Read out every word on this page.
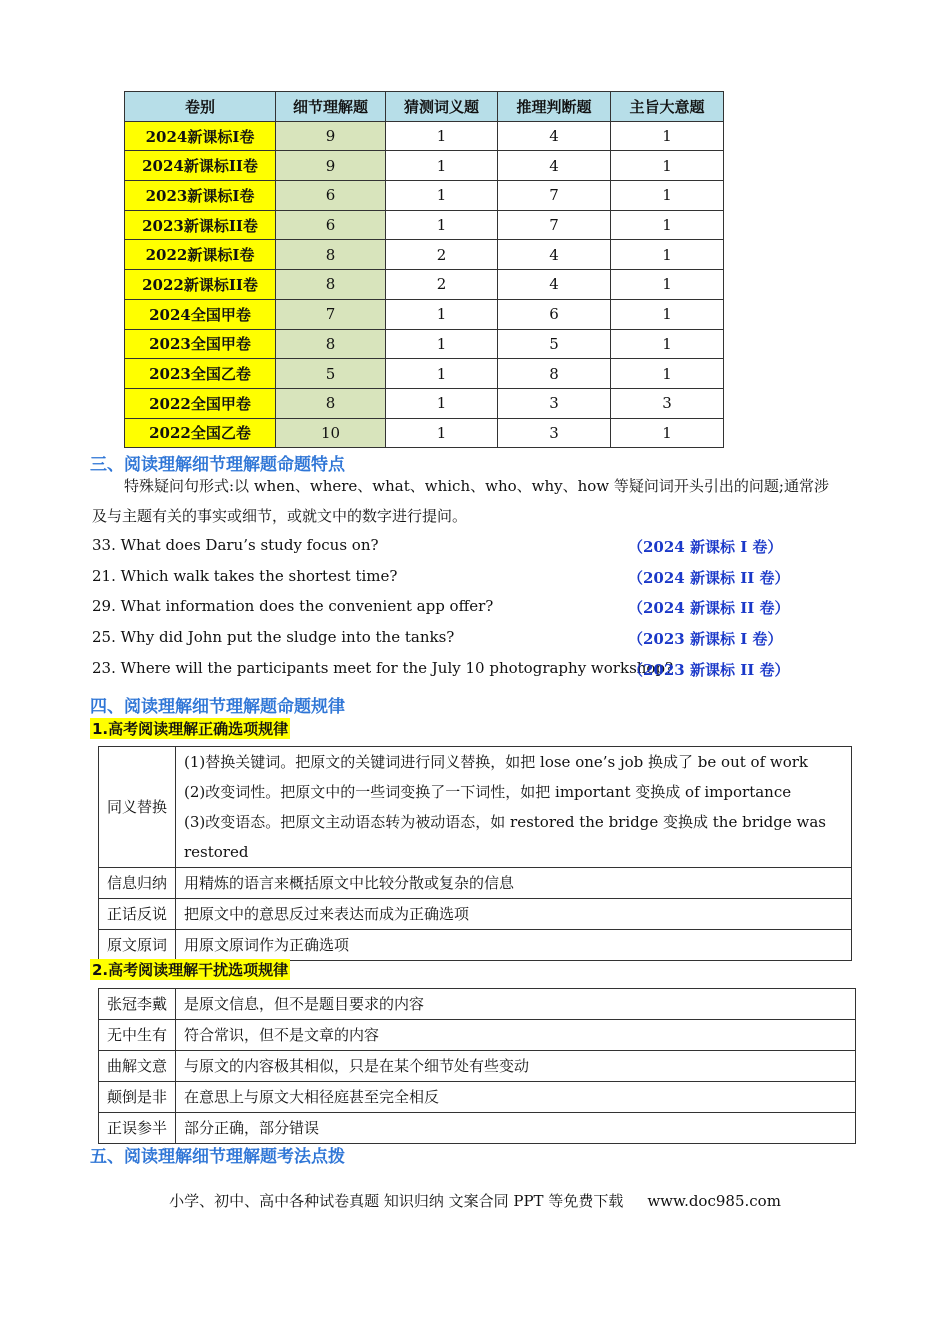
卷别	细节理解题	猜测词义题	推理判断题	主旨大意题
2024新课标I卷	9	1	4	1
2024新课标II卷	9	1	4	1
2023新课标I卷	6	1	7	1
2023新课标II卷	6	1	7	1
2022新课标I卷	8	2	4	1
2022新课标II卷	8	2	4	1
2024全国甲卷	7	1	6	1
2023全国甲卷	8	1	5	1
2023全国乙卷	5	1	8	1
2022全国甲卷	8	1	3	3
2022全国乙卷	10	1	3	1
三、阅读理解细节理解题命题特点
特殊疑问句形式:以 when、where、what、which、who、why、how 等疑问词开头引出的问题;通常涉
及与主题有关的事实或细节，或就文中的数字进行提问。
33. What does Daru’s study focus on?	（2024 新课标 I 卷）
21. Which walk takes the shortest time?	（2024 新课标 II 卷）
29. What information does the convenient app offer?	（2024 新课标 II 卷）
25. Why did John put the sludge into the tanks?	（2023 新课标 I 卷）
23. Where will the participants meet for the July 10 photography workshop?
（2023 新课标 II 卷）
四、阅读理解细节理解题命题规律
1.高考阅读理解正确选项规律
同义替换	(1)替换关键词。把原文的关键词进行同义替换，如把 lose one’s job 换成了 be out of work
(2)改变词性。把原文中的一些词变换了一下词性，如把 important 变换成 of importance
(3)改变语态。把原文主动语态转为被动语态，如 restored the bridge 变换成 the bridge was
restored

信息归纳	用精炼的语言来概括原文中比较分散或复杂的信息
正话反说	把原文中的意思反过来表达而成为正确选项
原文原词	用原文原词作为正确选项
2.高考阅读理解干扰选项规律
张冠李戴	是原文信息，但不是题目要求的内容
无中生有	符合常识，但不是文章的内容
曲解文意	与原文的内容极其相似，只是在某个细节处有些变动
颠倒是非	在意思上与原文大相径庭甚至完全相反
正误参半	部分正确，部分错误
五、阅读理解细节理解题考法点拨
小学、初中、高中各种试卷真题 知识归纳 文案合同 PPT 等免费下载 www.doc985.com
